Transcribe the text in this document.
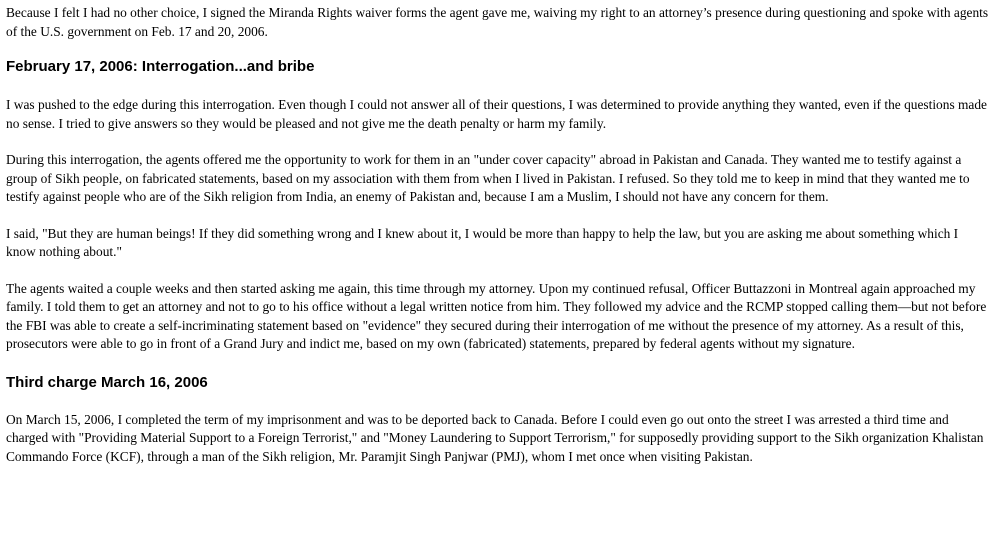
Because I felt I had no other choice, I signed the Miranda Rights waiver forms the agent gave me, waiving my right to an attorney’s presence during questioning and spoke with agents of the U.S. government on Feb. 17 and 20, 2006.

February 17, 2006: Interrogation...and bribe

I was pushed to the edge during this interrogation. Even though I could not answer all of their questions, I was determined to provide anything they wanted, even if the questions made no sense. I tried to give answers so they would be pleased and not give me the death penalty or harm my family.

During this interrogation, the agents offered me the opportunity to work for them in an "under cover capacity" abroad in Pakistan and Canada. They wanted me to testify against a group of Sikh people, on fabricated statements, based on my association with them from when I lived in Pakistan. I refused. So they told me to keep in mind that they wanted me to testify against people who are of the Sikh religion from India, an enemy of Pakistan and, because I am a Muslim, I should not have any concern for them.

I said, "But they are human beings! If they did something wrong and I knew about it, I would be more than happy to help the law, but you are asking me about something which I know nothing about."

The agents waited a couple weeks and then started asking me again, this time through my attorney. Upon my continued refusal, Officer Buttazzoni in Montreal again approached my family. I told them to get an attorney and not to go to his office without a legal written notice from him. They followed my advice and the RCMP stopped calling them—but not before the FBI was able to create a self-incriminating statement based on "evidence" they secured during their interrogation of me without the presence of my attorney. As a result of this, prosecutors were able to go in front of a Grand Jury and indict me, based on my own (fabricated) statements, prepared by federal agents without my signature.

Third charge March 16, 2006

On March 15, 2006, I completed the term of my imprisonment and was to be deported back to Canada. Before I could even go out onto the street I was arrested a third time and charged with "Providing Material Support to a Foreign Terrorist," and "Money Laundering to Support Terrorism," for supposedly providing support to the Sikh organization Khalistan Commando Force (KCF), through a man of the Sikh religion, Mr. Paramjit Singh Panjwar (PMJ), whom I met once when visiting Pakistan.
